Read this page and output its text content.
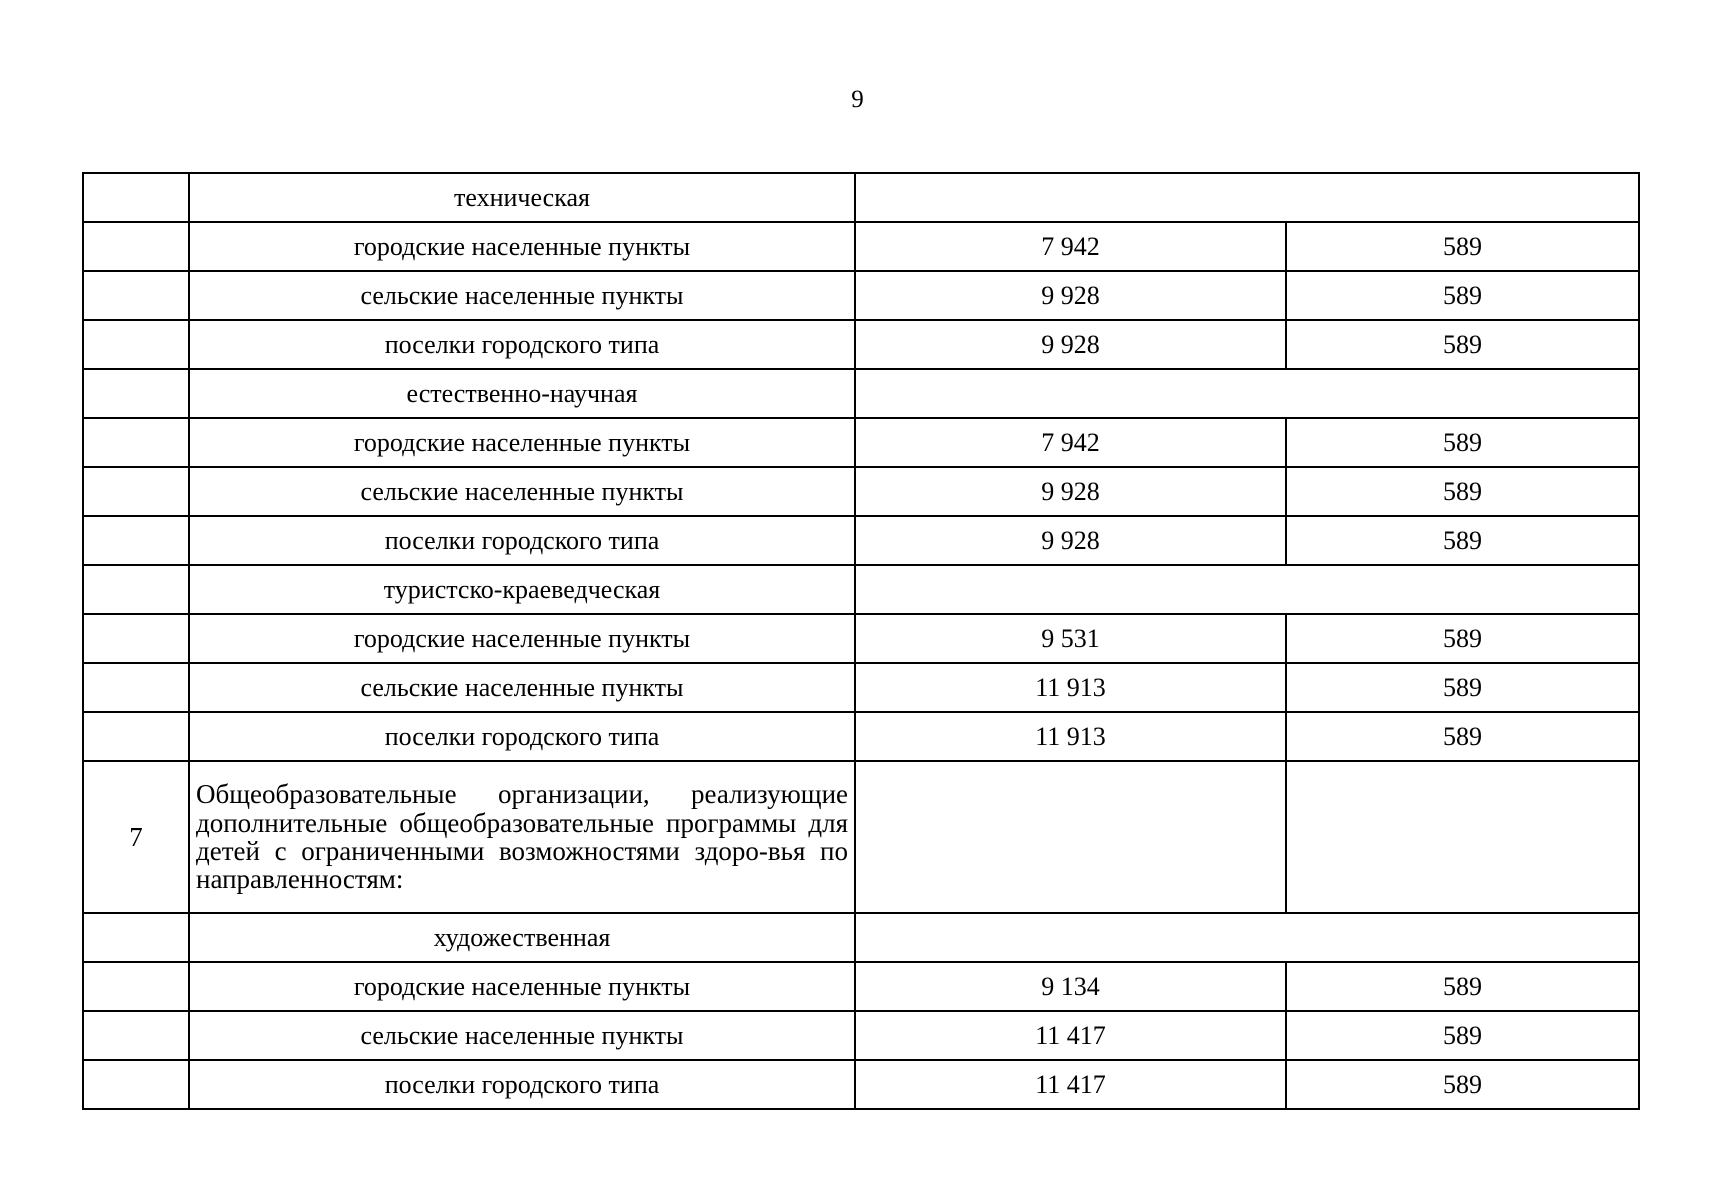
9
	техническая		
	городские населенные пункты	7 942	589
	сельские населенные пункты	9 928	589
	поселки городского типа	9 928	589
	естественно-научная		
	городские населенные пункты	7 942	589
	сельские населенные пункты	9 928	589
	поселки городского типа	9 928	589
	туристско-краеведческая		
	городские населенные пункты	9 531	589
	сельские населенные пункты	11 913	589
	поселки городского типа	11 913	589
7	Общеобразовательные организации, реализующие дополнительные общеобразовательные программы для детей с ограниченными возможностями здоро-вья по направленностям:		
	художественная		
	городские населенные пункты	9 134	589
	сельские населенные пункты	11 417	589
	поселки городского типа	11 417	589
